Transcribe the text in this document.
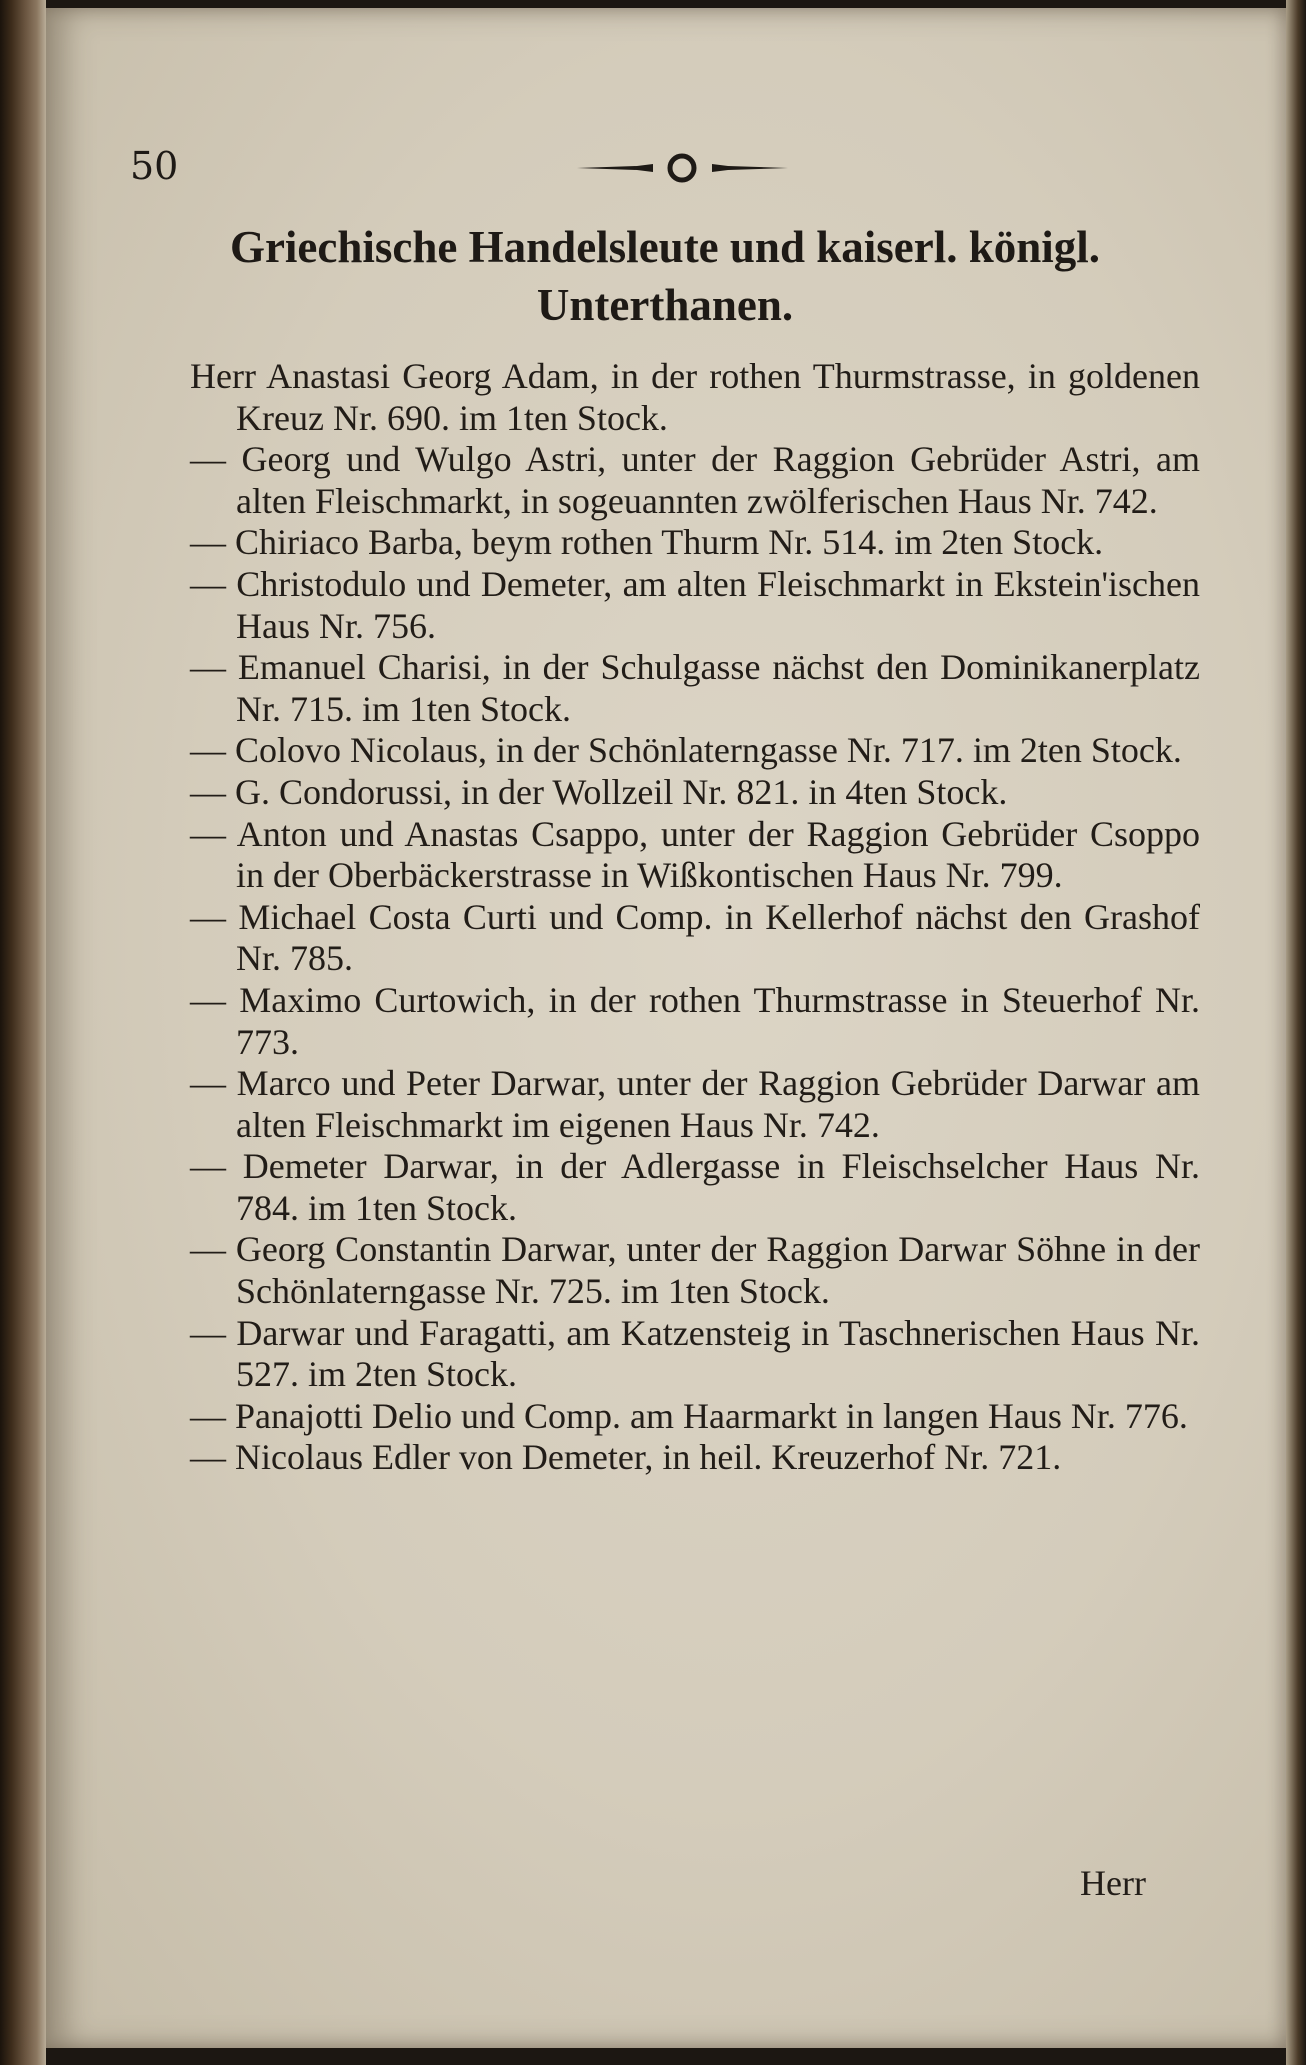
50
Griechische Handelsleute und kaiserl. königl. Unterthanen.
Herr Anastasi Georg Adam, in der rothen Thurmstrasse, in goldenen Kreuz Nr. 690. im 1ten Stock.
— Georg und Wulgo Astri, unter der Raggion Gebrüder Astri, am alten Fleischmarkt, in sogeuannten zwölferischen Haus Nr. 742.
— Chiriaco Barba, beym rothen Thurm Nr. 514. im 2ten Stock.
— Christodulo und Demeter, am alten Fleischmarkt in Ekstein'ischen Haus Nr. 756.
— Emanuel Charisi, in der Schulgasse nächst den Dominikanerplatz Nr. 715. im 1ten Stock.
— Colovo Nicolaus, in der Schönlaterngasse Nr. 717. im 2ten Stock.
— G. Condorussi, in der Wollzeil Nr. 821. in 4ten Stock.
— Anton und Anastas Csappo, unter der Raggion Gebrüder Csoppo in der Oberbäckerstrasse in Wißkontischen Haus Nr. 799.
— Michael Costa Curti und Comp. in Kellerhof nächst den Grashof Nr. 785.
— Maximo Curtowich, in der rothen Thurmstrasse in Steuerhof Nr. 773.
— Marco und Peter Darwar, unter der Raggion Gebrüder Darwar am alten Fleischmarkt im eigenen Haus Nr. 742.
— Demeter Darwar, in der Adlergasse in Fleischselcher Haus Nr. 784. im 1ten Stock.
— Georg Constantin Darwar, unter der Raggion Darwar Söhne in der Schönlaterngasse Nr. 725. im 1ten Stock.
— Darwar und Faragatti, am Katzensteig in Taschnerischen Haus Nr. 527. im 2ten Stock.
— Panajotti Delio und Comp. am Haarmarkt in langen Haus Nr. 776.
— Nicolaus Edler von Demeter, in heil. Kreuzerhof Nr. 721.
Herr
